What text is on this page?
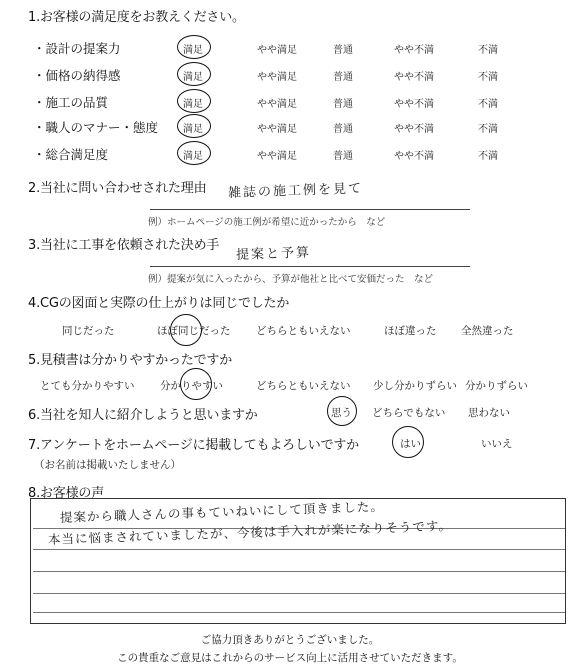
1.お客様の満足度をお教えください。
・設計の提案力	満足	やや満足	普通	やや不満	不満
・価格の納得感	満足	やや満足	普通	やや不満	不満
・施工の品質	満足	やや満足	普通	やや不満	不満
・職人のマナー・態度 満足	やや満足	普通	やや不満	不満
・総合満足度	満足	やや満足	普通	やや不満	不満
2.当社に問い合わせされた理由 雑誌の施工例を見て
例）ホームページの施工例が希望に近かったから　など
3.当社に工事を依頼された決め手 提案と予算
例）提案が気に入ったから、予算が他社と比べて安価だった　など
4.CGの図面と実際の仕上がりは同じでしたか
同じだった	ほぼ同じだった どちらともいえない	ほぼ違った 全然違った
5.見積書は分かりやすかったですか
とても分かりやすい 分かりやすい	どちらともいえない 少し分かりずらい 分かりずらい
6.当社を知人に紹介しようと思いますか	思う どちらでもない 思わない
7.アンケートをホームページに掲載してもよろしいですか
（お名前は掲載いたしません）
はい	いいえ
8.お客様の声
提案から職人さんの事もていねいにして頂きました。
本当に悩まされていましたが、今後は手入れが楽になりそうです。
ご協力頂きありがとうございました。
この貴重なご意見はこれからのサービス向上に活用させていただきます。
